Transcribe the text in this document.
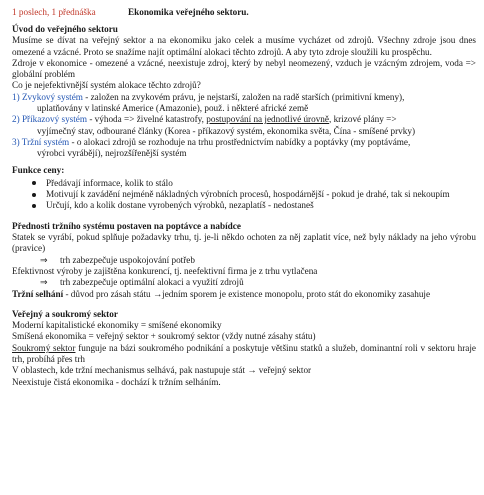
1 poslech, 1 přednáška	Ekonomika veřejného sektoru.
Úvod do veřejného sektoru

Musíme se dívat na veřejný sektor a na ekonomiku jako celek a musíme vycházet od zdrojů. Všechny zdroje jsou dnes omezené a vzácné. Proto se snažíme najít optimální alokaci těchto zdrojů. A aby tyto zdroje sloužili ku prospěchu.

Zdroje v ekonomice - omezené a vzácné, neexistuje zdroj, který by nebyl neomezený, vzduch je vzácným zdrojem, voda => globální problém

Co je nejefektivnější systém alokace těchto zdrojů?

1) Zvykový systém - založen na zvykovém právu, je nejstarší, založen na radě starších (primitivní kmeny),

uplatňovány v latinské Americe (Amazonie), použ. i některé africké země

2) Příkazový systém - výhoda => živelné katastrofy, postupování na jednotlivé úrovně, krizové plány =>

vyjímečný stav, odbourané články (Korea - příkazový systém, ekonomika světa, Čína - smíšené prvky)

3) Tržní systém - o alokaci zdrojů se rozhoduje na trhu prostřednictvím nabídky a poptávky (my poptáváme,

výrobci vyrábějí), nejrozšířenější systém

Funkce ceny:
Předávají informace, kolik to stálo
Motivují k zavádění nejméně nákladných výrobních procesů, hospodárnější - pokud je drahé, tak si nekoupím
Určují, kdo a kolik dostane vyrobených výrobků, nezaplatíš - nedostaneš
Přednosti tržního systému postaven na poptávce a nabídce

Statek se vyrábí, pokud splňuje požadavky trhu, tj. je-li někdo ochoten za něj zaplatit více, než byly náklady na jeho výrobu (pravice)

⇒ trh zabezpečuje uspokojování potřeb

Efektivnost výroby je zajištěna konkurencí, tj. neefektivní firma je z trhu vytlačena

⇒ trh zabezpečuje optimální alokaci a využití zdrojů

Tržní selhání - důvod pro zásah státu →jedním sporem je existence monopolu, proto stát do ekonomiky zasahuje

Veřejný a soukromý sektor

Moderní kapitalistické ekonomiky = smíšené ekonomiky

Smíšená ekonomika = veřejný sektor + soukromý sektor (vždy nutné zásahy státu)

Soukromý sektor funguje na bázi soukromého podnikání a poskytuje většinu statků a služeb, dominantní roli v sektoru hraje trh, probíhá přes trh

V oblastech, kde tržní mechanismus selhává, pak nastupuje stát → veřejný sektor

Neexistuje čistá ekonomika - dochází k tržním selháním.
